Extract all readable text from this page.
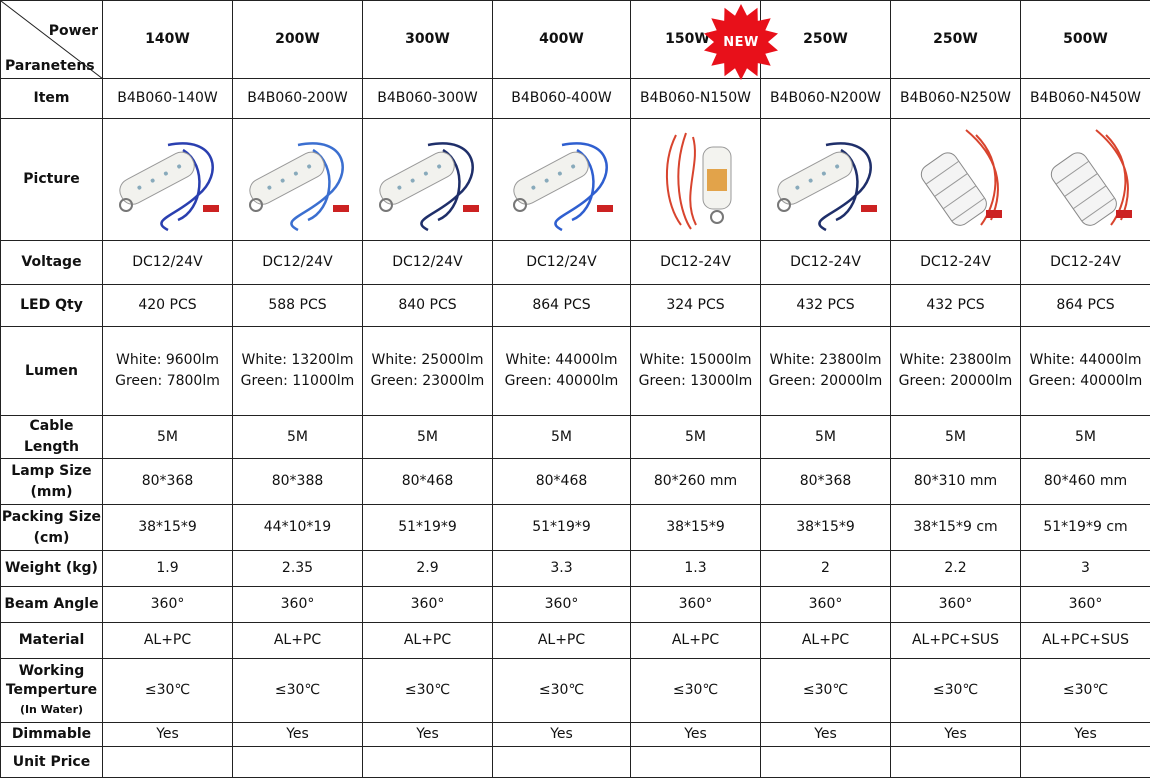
Power
Paranetens	140W	200W	300W	400W	150W NEW	250W	250W	500W
Item	B4B060-140W	B4B060-200W	B4B060-300W	B4B060-400W	B4B060-N150W	B4B060-N200W	B4B060-N250W	B4B060-N450W
Picture	

Voltage	DC12/24V	DC12/24V	DC12/24V	DC12/24V	DC12-24V	DC12-24V	DC12-24V	DC12-24V
LED Qty	420 PCS	588 PCS	840 PCS	864 PCS	324 PCS	432 PCS	432 PCS	864 PCS
Lumen	White: 9600lm
Green: 7800lm	White: 13200lm
Green: 11000lm	White: 25000lm
Green: 23000lm	White: 44000lm
Green: 40000lm	White: 15000lm
Green: 13000lm	White: 23800lm
Green: 20000lm	White: 23800lm
Green: 20000lm	White: 44000lm
Green: 40000lm
Cable Length	5M	5M	5M	5M	5M	5M	5M	5M
Lamp Size
(mm)	80*368	80*388	80*468	80*468	80*260 mm	80*368	80*310 mm	80*460 mm
Packing Size
(cm)	38*15*9	44*10*19	51*19*9	51*19*9	38*15*9	38*15*9	38*15*9 cm	51*19*9 cm
Weight (kg)	1.9	2.35	2.9	3.3	1.3	2	2.2	3
Beam Angle	360°	360°	360°	360°	360°	360°	360°	360°
Material	AL+PC	AL+PC	AL+PC	AL+PC	AL+PC	AL+PC	AL+PC+SUS	AL+PC+SUS
Working
Temperture
(In Water)	≤30℃	≤30℃	≤30℃	≤30℃	≤30℃	≤30℃	≤30℃	≤30℃
Dimmable	Yes	Yes	Yes	Yes	Yes	Yes	Yes	Yes
Unit Price								
